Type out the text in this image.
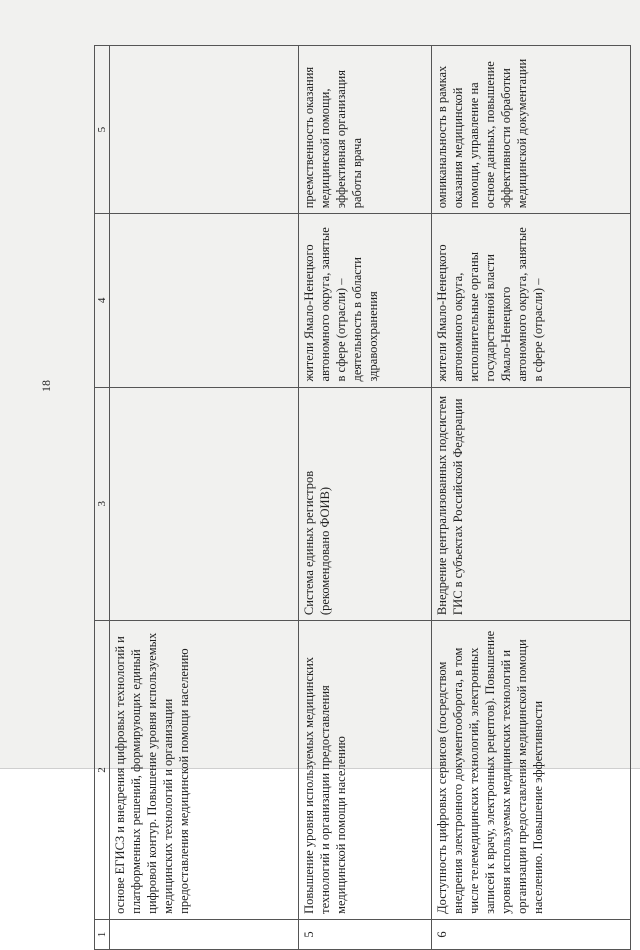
18
1	2	3	4	5
	основе ЕГИСЗ и внедрения цифровых технологий и платформенных решений, формирующих единый цифровой контур. Повышение уровня используемых медицинских технологий и организации предоставления медицинской помощи населению			
5	Повышение уровня используемых медицинских технологий и организации предоставления медицинской помощи населению	Система единых регистров (рекомендовано ФОИВ)	жители Ямало-Ненецкого автономного округа, занятые в сфере (отрасли) – деятельность в области здравоохранения	преемственность оказания медицинской помощи, эффективная организация работы врача
6	Доступность цифровых сервисов (посредством внедрения электронного документооборота, в том числе телемедицинских технологий, электронных записей к врачу, электронных рецептов). Повышение уровня используемых медицинских технологий и организации предоставления медицинской помощи населению. Повышение эффективности	Внедрение централизованных подсистем ГИС в субъектах Российской Федерации	жители Ямало-Ненецкого автономного округа, исполнительные органы государственной власти Ямало-Ненецкого автономного округа, занятые в сфере (отрасли) –	омниканальность в рамках оказания медицинской помощи, управление на основе данных, повышение эффективности обработки медицинской документации
